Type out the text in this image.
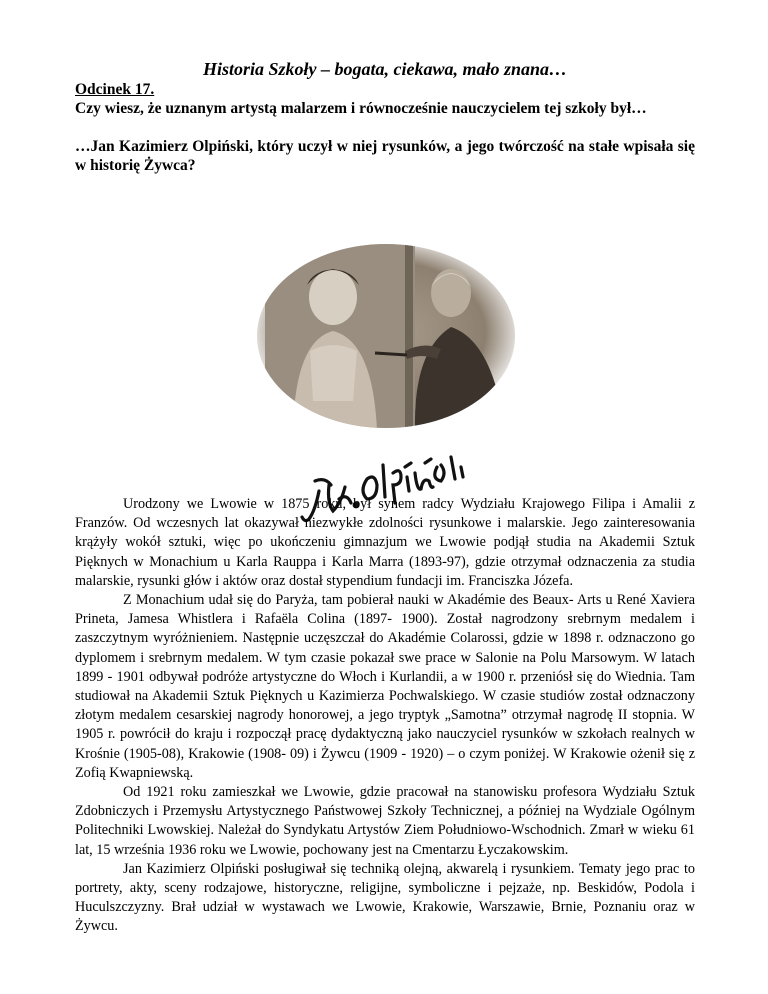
Historia Szkoły – bogata, ciekawa, mało znana…

Odcinek 17.

Czy wiesz, że uznanym artystą malarzem i równocześnie nauczycielem tej szkoły był…

…Jan Kazimierz Olpiński, który uczył w niej rysunków, a jego twórczość na stałe wpisała się w historię Żywca?

Urodzony we Lwowie w 1875 roku, był synem radcy Wydziału Krajowego Filipa i Amalii z Franzów. Od wczesnych lat okazywał niezwykłe zdolności rysunkowe i malarskie. Jego zainteresowania krążyły wokół sztuki, więc po ukończeniu gimnazjum we Lwowie podjął studia na Akademii Sztuk Pięknych w Monachium u Karla Rauppa i Karla Marra (1893-97), gdzie otrzymał odznaczenia za studia malarskie, rysunki głów i aktów oraz dostał stypendium fundacji im. Franciszka Józefa.

Z Monachium udał się do Paryża, tam pobierał nauki w Akadémie des Beaux- Arts u René Xaviera Prineta, Jamesa Whistlera i Rafaëla Colina (1897- 1900). Został nagrodzony srebrnym medalem i zaszczytnym wyróżnieniem. Następnie uczęszczał do Akadémie Colarossi, gdzie w 1898 r. odznaczono go dyplomem i srebrnym medalem. W tym czasie pokazał swe prace w Salonie na Polu Marsowym. W latach 1899 - 1901 odbywał podróże artystyczne do Włoch i Kurlandii, a w 1900 r. przeniósł się do Wiednia. Tam studiował na Akademii Sztuk Pięknych u Kazimierza Pochwalskiego. W czasie studiów został odznaczony złotym medalem cesarskiej nagrody honorowej, a jego tryptyk „Samotna” otrzymał nagrodę II stopnia. W 1905 r. powrócił do kraju i rozpoczął pracę dydaktyczną jako nauczyciel rysunków w szkołach realnych w Krośnie (1905-08), Krakowie (1908- 09) i Żywcu (1909 - 1920) – o czym poniżej. W Krakowie ożenił się z Zofią Kwapniewską.

Od 1921 roku zamieszkał we Lwowie, gdzie pracował na stanowisku profesora Wydziału Sztuk Zdobniczych i Przemysłu Artystycznego Państwowej Szkoły Technicznej, a później na Wydziale Ogólnym Politechniki Lwowskiej. Należał do Syndykatu Artystów Ziem Południowo-Wschodnich. Zmarł w wieku 61 lat, 15 września 1936 roku we Lwowie, pochowany jest na Cmentarzu Łyczakowskim.

Jan Kazimierz Olpiński posługiwał się techniką olejną, akwarelą i rysunkiem. Tematy jego prac to portrety, akty, sceny rodzajowe, historyczne, religijne, symboliczne i pejzaże, np. Beskidów, Podola i Huculszczyzny. Brał udział w wystawach we Lwowie, Krakowie, Warszawie, Brnie, Poznaniu oraz w Żywcu.
